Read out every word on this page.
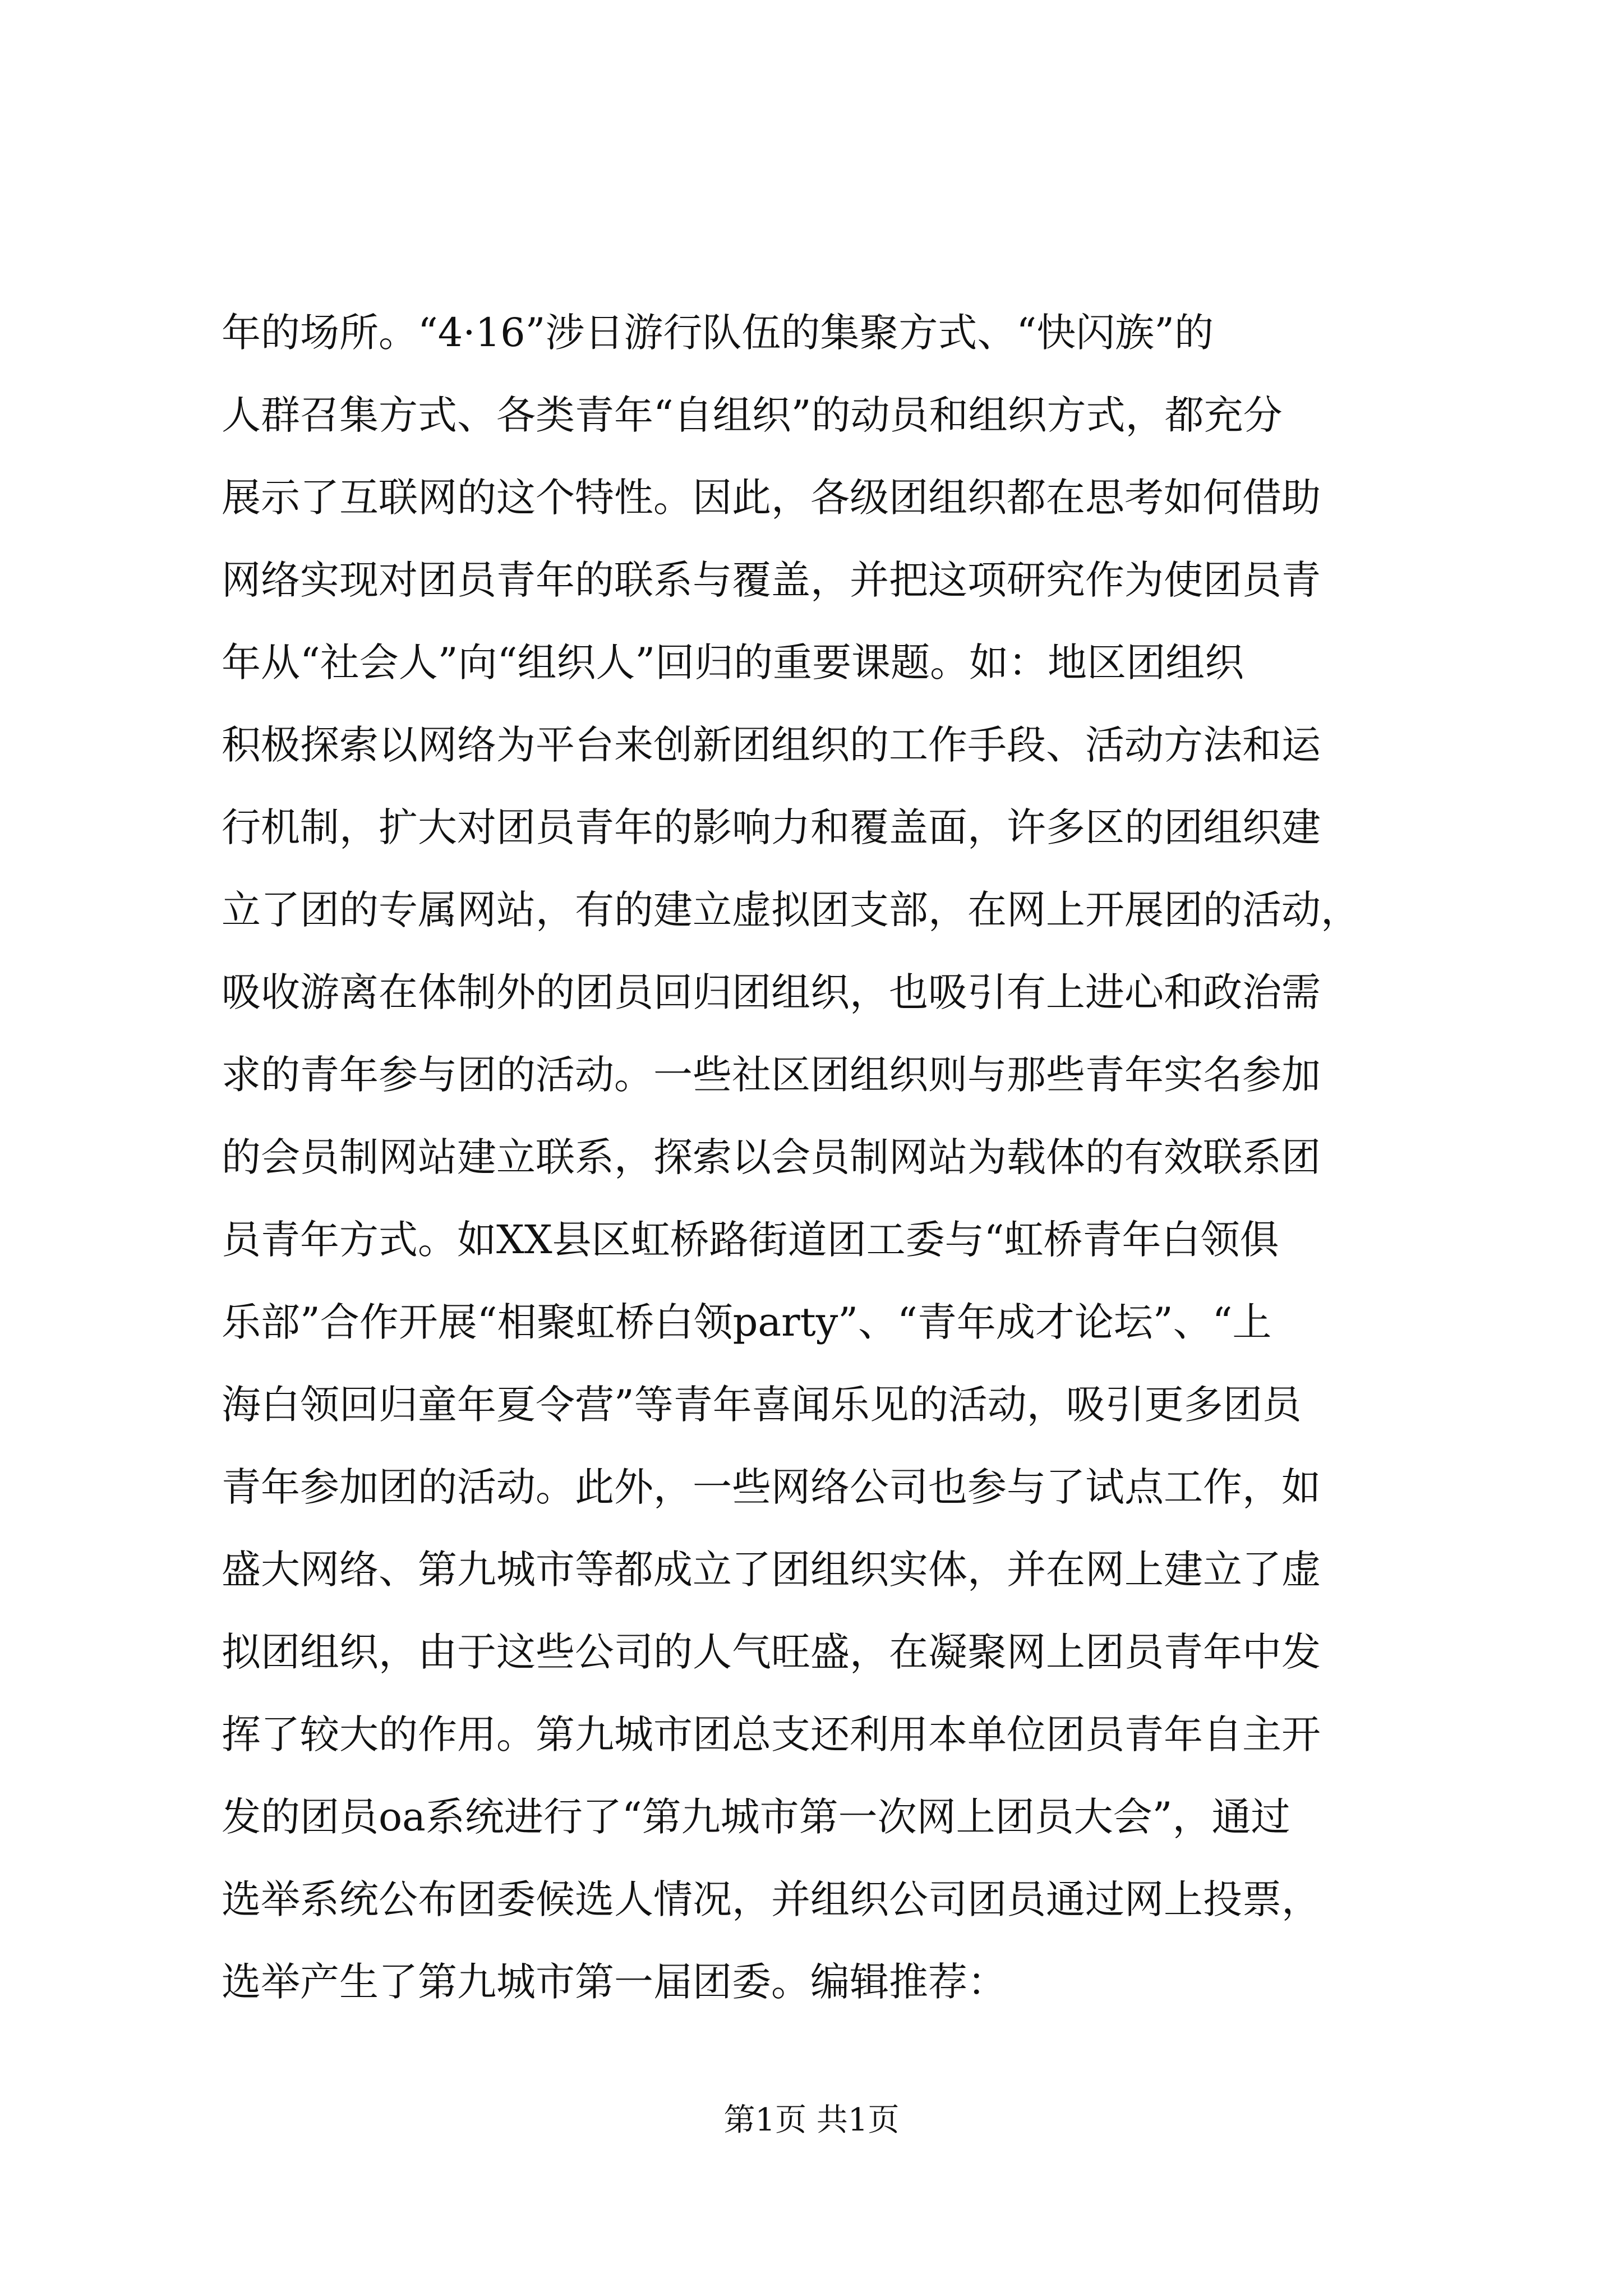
年的场所。“4·16”涉日游行队伍的集聚方式、“快闪族”的
人群召集方式、各类青年“自组织”的动员和组织方式，都充分
展示了互联网的这个特性。因此，各级团组织都在思考如何借助
网络实现对团员青年的联系与覆盖，并把这项研究作为使团员青
年从“社会人”向“组织人”回归的重要课题。如：地区团组织
积极探索以网络为平台来创新团组织的工作手段、活动方法和运
行机制，扩大对团员青年的影响力和覆盖面，许多区的团组织建
立了团的专属网站，有的建立虚拟团支部，在网上开展团的活动，
吸收游离在体制外的团员回归团组织，也吸引有上进心和政治需
求的青年参与团的活动。一些社区团组织则与那些青年实名参加
的会员制网站建立联系，探索以会员制网站为载体的有效联系团
员青年方式。如XX县区虹桥路街道团工委与“虹桥青年白领俱
乐部”合作开展“相聚虹桥白领party”、“青年成才论坛”、“上
海白领回归童年夏令营”等青年喜闻乐见的活动，吸引更多团员
青年参加团的活动。此外，一些网络公司也参与了试点工作，如
盛大网络、第九城市等都成立了团组织实体，并在网上建立了虚
拟团组织，由于这些公司的人气旺盛，在凝聚网上团员青年中发
挥了较大的作用。第九城市团总支还利用本单位团员青年自主开
发的团员oa系统进行了“第九城市第一次网上团员大会”，通过
选举系统公布团委候选人情况，并组织公司团员通过网上投票，
选举产生了第九城市第一届团委。编辑推荐：
第1页 共1页
